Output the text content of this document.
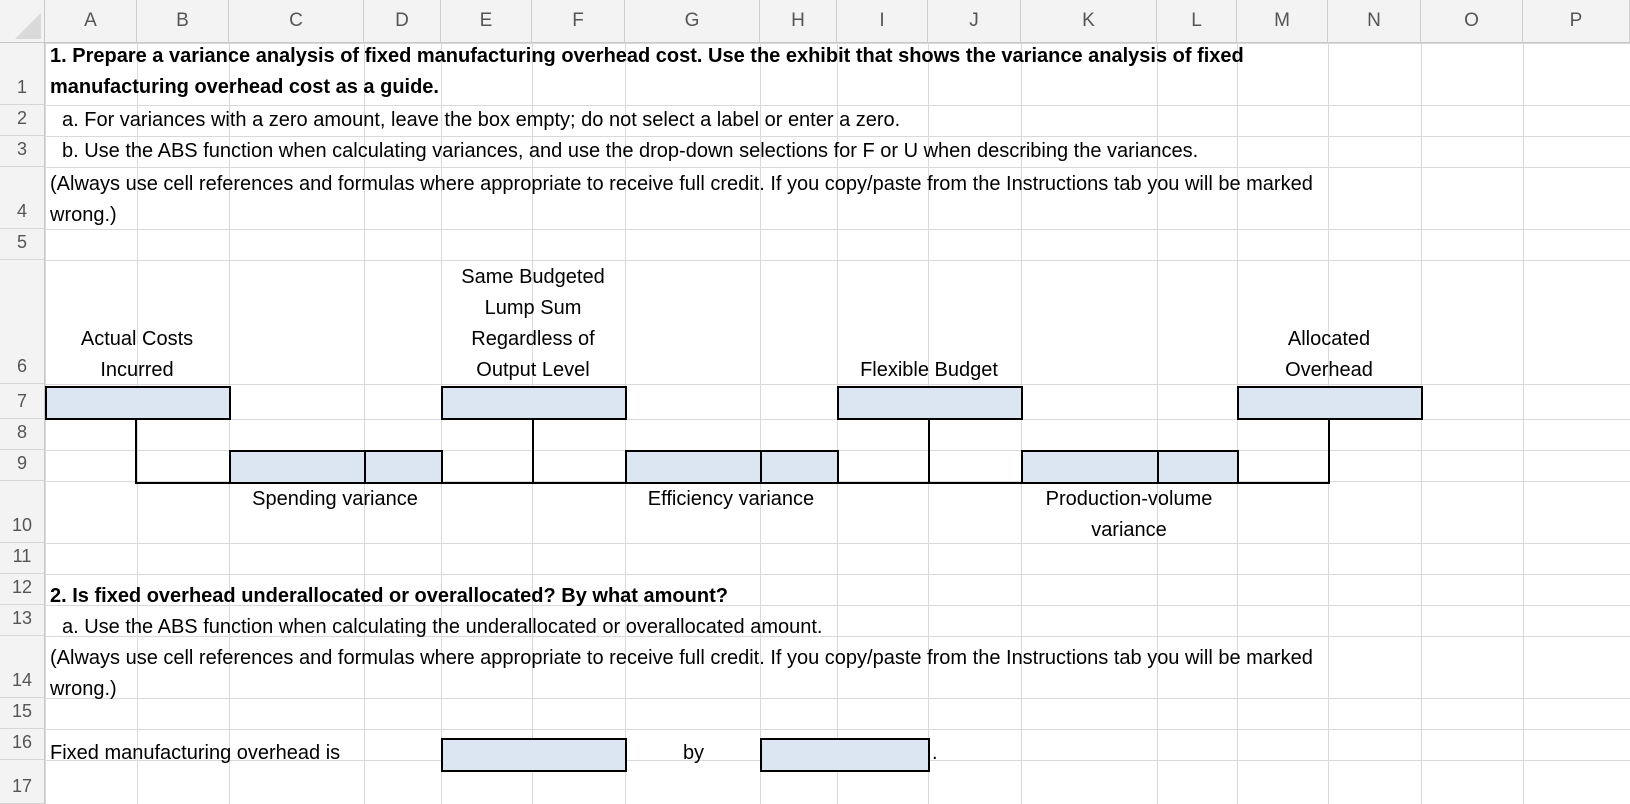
A	B	C	D	E	F	G	H	I	J	K	L	M	N	O	P
1
2
3
4
5
6
7
8
9
10
11
12
13
14
15
16
17
1. Prepare a variance analysis of fixed manufacturing overhead cost. Use the exhibit that shows the variance analysis of fixed
manufacturing overhead cost as a guide.
a. For variances with a zero amount, leave the box empty; do not select a label or enter a zero.
b. Use the ABS function when calculating variances, and use the drop-down selections for F or U when describing the variances.
(Always use cell references and formulas where appropriate to receive full credit. If you copy/paste from the Instructions tab you will be marked
wrong.)
Actual Costs
Incurred
Same Budgeted
Lump Sum
Regardless of
Output Level	Flexible Budget
Allocated
Overhead
Spending variance	Efficiency variance	Production-volume
variance
2. Is fixed overhead underallocated or overallocated? By what amount?
a. Use the ABS function when calculating the underallocated or overallocated amount.
(Always use cell references and formulas where appropriate to receive full credit. If you copy/paste from the Instructions tab you will be marked
wrong.)
Fixed manufacturing overhead is	by	.
